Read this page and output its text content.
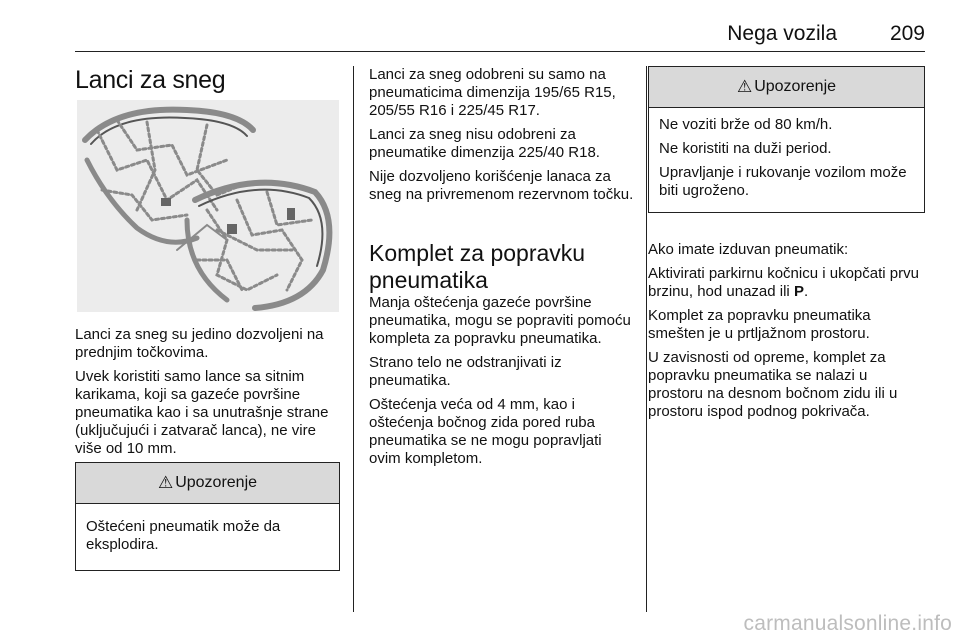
Nega vozila	209
Lanci za sneg

Lanci za sneg su jedino dozvoljeni na prednjim točkovima.

Uvek koristiti samo lance sa sitnim karikama, koji sa gazeće površine pneumatika kao i sa unutrašnje strane (uključujući i zatvarač lanca), ne vire više od 10 mm.

⚠ Upozorenje

Oštećeni pneumatik može da eksplodira.

Lanci za sneg odobreni su samo na pneumaticima dimenzija 195/65 R15, 205/55 R16 i 225/45 R17.

Lanci za sneg nisu odobreni za pneumatike dimenzija 225/40 R18.

Nije dozvoljeno korišćenje lanaca za sneg na privremenom rezervnom točku.

Komplet za popravku pneumatika

Manja oštećenja gazeće površine pneumatika, mogu se popraviti pomoću kompleta za popravku pneumatika.

Strano telo ne odstranjivati iz pneumatika.

Oštećenja veća od 4 mm, kao i oštećenja bočnog zida pored ruba pneumatika se ne mogu popravljati ovim kompletom.

⚠ Upozorenje

Ne voziti brže od 80 km/h.

Ne koristiti na duži period.

Upravljanje i rukovanje vozilom može biti ugroženo.

Ako imate izduvan pneumatik:

Aktivirati parkirnu kočnicu i ukopčati prvu brzinu, hod unazad ili P.

Komplet za popravku pneumatika smešten je u prtljažnom prostoru.

U zavisnosti od opreme, komplet za popravku pneumatika se nalazi u prostoru na desnom bočnom zidu ili u prostoru ispod podnog pokrivača.

carmanualsonline.info
